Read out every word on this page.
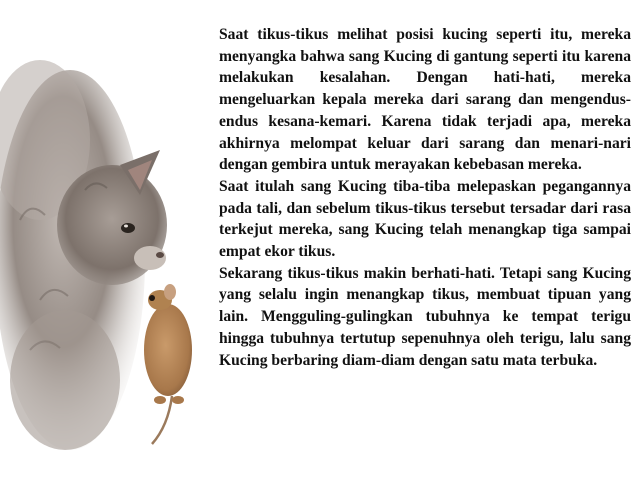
Saat tikus-tikus melihat posisi kucing seperti itu, mereka menyangka bahwa sang Kucing di gantung seperti itu karena melakukan kesalahan. Dengan hati-hati, mereka mengeluarkan kepala mereka dari sarang dan mengendus-endus kesana-kemari. Karena tidak terjadi apa, mereka akhirnya melompat keluar dari sarang dan menari-nari dengan gembira untuk merayakan kebebasan mereka.

Saat itulah sang Kucing tiba-tiba melepaskan pegangannya pada tali, dan sebelum tikus-tikus tersebut tersadar dari rasa terkejut mereka, sang Kucing telah menangkap tiga sampai empat ekor tikus.

Sekarang tikus-tikus makin berhati-hati. Tetapi sang Kucing yang selalu ingin menangkap tikus, membuat tipuan yang lain. Mengguling-gulingkan tubuhnya ke tempat terigu hingga tubuhnya tertutup sepenuhnya oleh terigu, lalu sang Kucing berbaring diam-diam dengan satu mata terbuka.
